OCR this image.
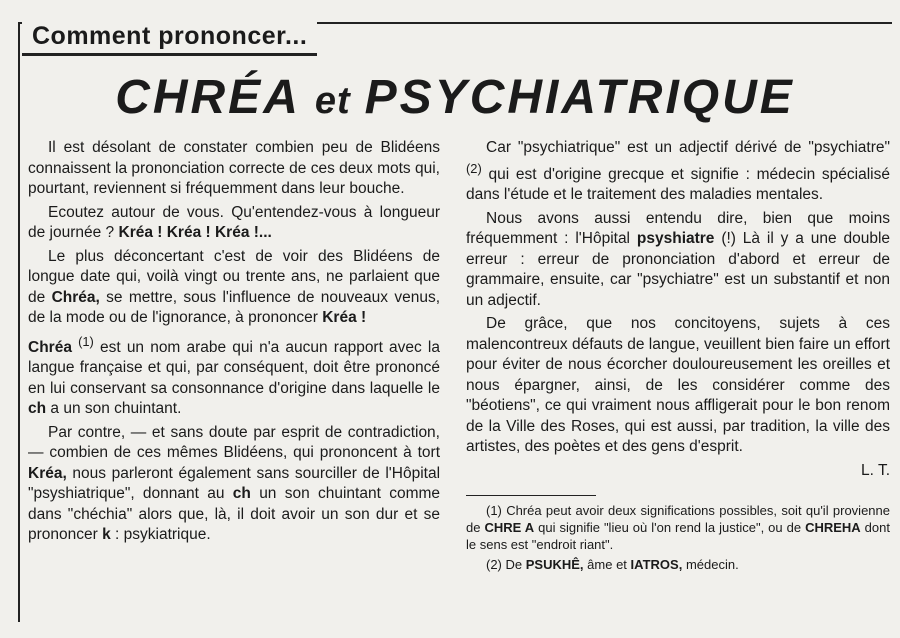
Comment prononcer...
CHRÉA et PSYCHIATRIQUE

Il est désolant de constater combien peu de Blidéens connaissent la prononciation correcte de ces deux mots qui, pourtant, reviennent si fréquemment dans leur bouche.

Ecoutez autour de vous. Qu'entendez-vous à longueur de journée ? Kréa ! Kréa ! Kréa !...

Le plus déconcertant c'est de voir des Blidéens de longue date qui, voilà vingt ou trente ans, ne parlaient que de Chréa, se mettre, sous l'influence de nouveaux venus, de la mode ou de l'ignorance, à prononcer Kréa !

Chréa $^{(1)}$ est un nom arabe qui n'a aucun rapport avec la langue française et qui, par conséquent, doit être prononcé en lui conservant sa consonnance d'origine dans laquelle le ch a un son chuintant.

Par contre, — et sans doute par esprit de contradiction, — combien de ces mêmes Blidéens, qui prononcent à tort Kréa, nous parleront également sans sourciller de l'Hôpital "psyshiatrique", donnant au ch un son chuintant comme dans "chéchia" alors que, là, il doit avoir un son dur et se prononcer k : psykiatrique.

Car "psychiatrique" est un adjectif dérivé de "psychiatre" $^{(2)}$ qui est d'origine grecque et signifie : médecin spécialisé dans l'étude et le traitement des maladies mentales.

Nous avons aussi entendu dire, bien que moins fréquemment : l'Hôpital psyshiatre (!) Là il y a une double erreur : erreur de prononciation d'abord et erreur de grammaire, ensuite, car "psychiatre" est un substantif et non un adjectif.

De grâce, que nos concitoyens, sujets à ces malencontreux défauts de langue, veuillent bien faire un effort pour éviter de nous écorcher douloureusement les oreilles et nous épargner, ainsi, de les considérer comme des "béotiens", ce qui vraiment nous affligerait pour le bon renom de la Ville des Roses, qui est aussi, par tradition, la ville des artistes, des poètes et des gens d'esprit.

L. T.

(1) Chréa peut avoir deux significations possibles, soit qu'il provienne de CHRE A qui signifie "lieu où l'on rend la justice", ou de CHREHA dont le sens est "endroit riant".

(2) De PSUKHÊ, âme et IATROS, médecin.
